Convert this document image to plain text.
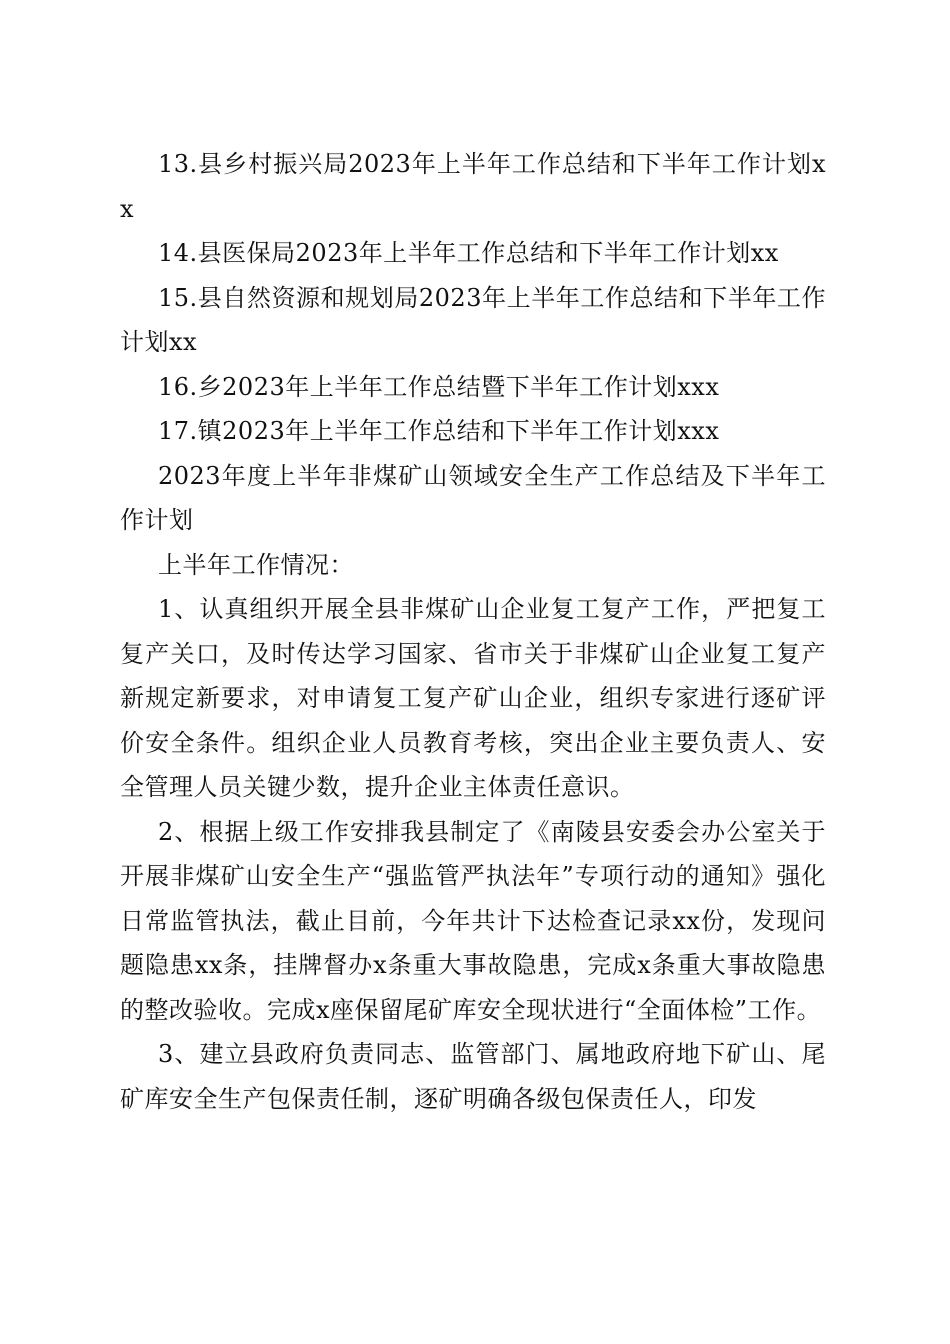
13.县乡村振兴局2023年上半年工作总结和下半年工作计划xx

14.县医保局2023年上半年工作总结和下半年工作计划xx

15.县自然资源和规划局2023年上半年工作总结和下半年工作计划xx

16.乡2023年上半年工作总结暨下半年工作计划xxx

17.镇2023年上半年工作总结和下半年工作计划xxx

2023年度上半年非煤矿山领域安全生产工作总结及下半年工作计划

上半年工作情况：

1、认真组织开展全县非煤矿山企业复工复产工作，严把复工复产关口，及时传达学习国家、省市关于非煤矿山企业复工复产新规定新要求，对申请复工复产矿山企业，组织专家进行逐矿评价安全条件。组织企业人员教育考核，突出企业主要负责人、安全管理人员关键少数，提升企业主体责任意识。

2、根据上级工作安排我县制定了《南陵县安委会办公室关于开展非煤矿山安全生产“强监管严执法年”专项行动的通知》强化日常监管执法，截止目前，今年共计下达检查记录xx份，发现问题隐患xx条，挂牌督办x条重大事故隐患，完成x条重大事故隐患的整改验收。完成x座保留尾矿库安全现状进行“全面体检”工作。

3、建立县政府负责同志、监管部门、属地政府地下矿山、尾矿库安全生产包保责任制，逐矿明确各级包保责任人，印发
